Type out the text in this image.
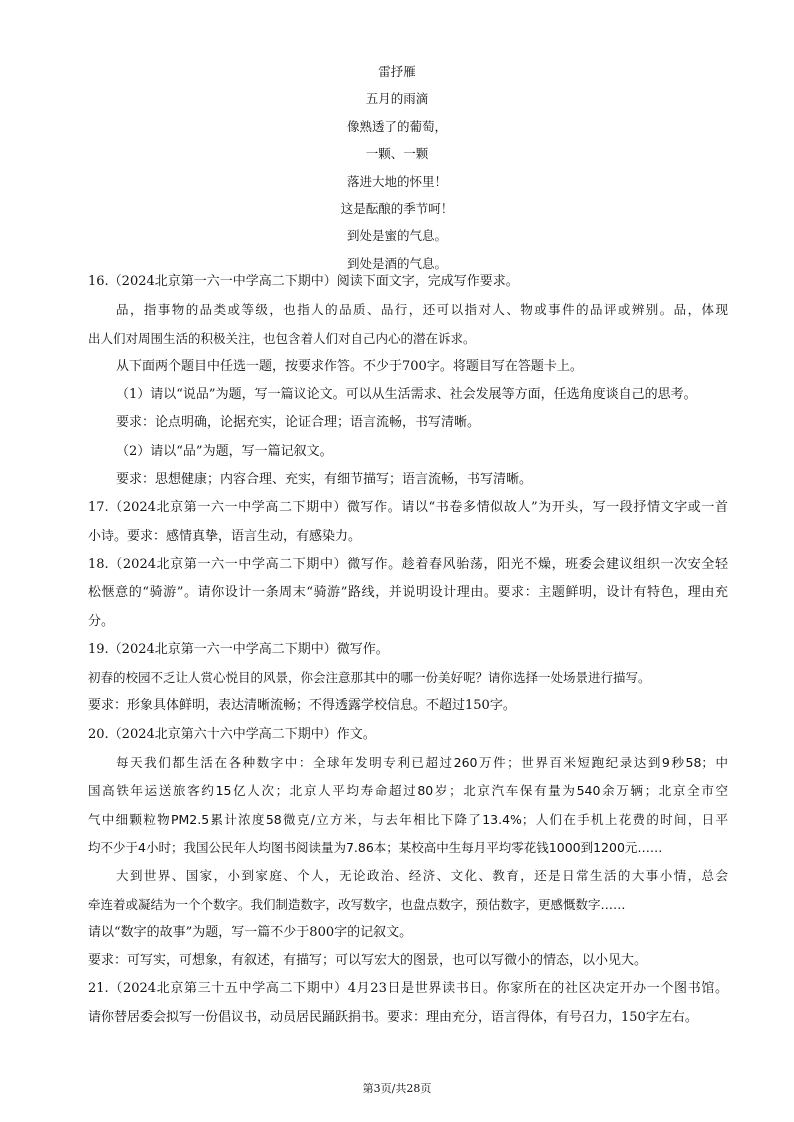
雷抒雁
五月的雨滴
像熟透了的葡萄，
一颗、一颗
落进大地的怀里！
这是酝酿的季节呵！
到处是蜜的气息。
到处是酒的气息。
16.（2024北京第一六一中学高二下期中）阅读下面文字，完成写作要求。
品，指事物的品类或等级，也指人的品质、品行，还可以指对人、物或事件的品评或辨别。品，体现
出人们对周围生活的积极关注，也包含着人们对自己内心的潜在诉求。
从下面两个题目中任选一题，按要求作答。不少于700字。将题目写在答题卡上。
（1）请以“说品”为题，写一篇议论文。可以从生活需求、社会发展等方面，任选角度谈自己的思考。
要求：论点明确，论据充实，论证合理；语言流畅，书写清晰。
（2）请以“品”为题，写一篇记叙文。
要求：思想健康；内容合理、充实，有细节描写；语言流畅，书写清晰。
17.（2024北京第一六一中学高二下期中）微写作。请以“书卷多情似故人”为开头，写一段抒情文字或一首
小诗。要求：感情真挚，语言生动，有感染力。
18.（2024北京第一六一中学高二下期中）微写作。趁着春风骀荡，阳光不燥，班委会建议组织一次安全轻
松惬意的“骑游”。请你设计一条周末“骑游”路线，并说明设计理由。要求：主题鲜明，设计有特色，理由充
分。
19.（2024北京第一六一中学高二下期中）微写作。
初春的校园不乏让人赏心悦目的风景，你会注意那其中的哪一份美好呢？请你选择一处场景进行描写。
要求：形象具体鲜明，表达清晰流畅；不得透露学校信息。不超过150字。
20.（2024北京第六十六中学高二下期中）作文。
每天我们都生活在各种数字中：全球年发明专利已超过260万件；世界百米短跑纪录达到9秒58；中
国高铁年运送旅客约15亿人次；北京人平均寿命超过80岁；北京汽车保有量为540余万辆；北京全市空
气中细颗粒物PM2.5累计浓度58微克/立方米，与去年相比下降了13.4%；人们在手机上花费的时间，日平
均不少于4小时；我国公民年人均图书阅读量为7.86本；某校高中生每月平均零花钱1000到1200元……
大到世界、国家，小到家庭、个人，无论政治、经济、文化、教育，还是日常生活的大事小情，总会
牵连着或凝结为一个个数字。我们制造数字，改写数字，也盘点数字，预估数字，更感慨数字……
请以“数字的故事”为题，写一篇不少于800字的记叙文。
要求：可写实，可想象，有叙述，有描写；可以写宏大的图景，也可以写微小的情态，以小见大。
21.（2024北京第三十五中学高二下期中）4月23日是世界读书日。你家所在的社区决定开办一个图书馆。
请你替居委会拟写一份倡议书，动员居民踊跃捐书。要求：理由充分，语言得体，有号召力，150字左右。
第3页/共28页
